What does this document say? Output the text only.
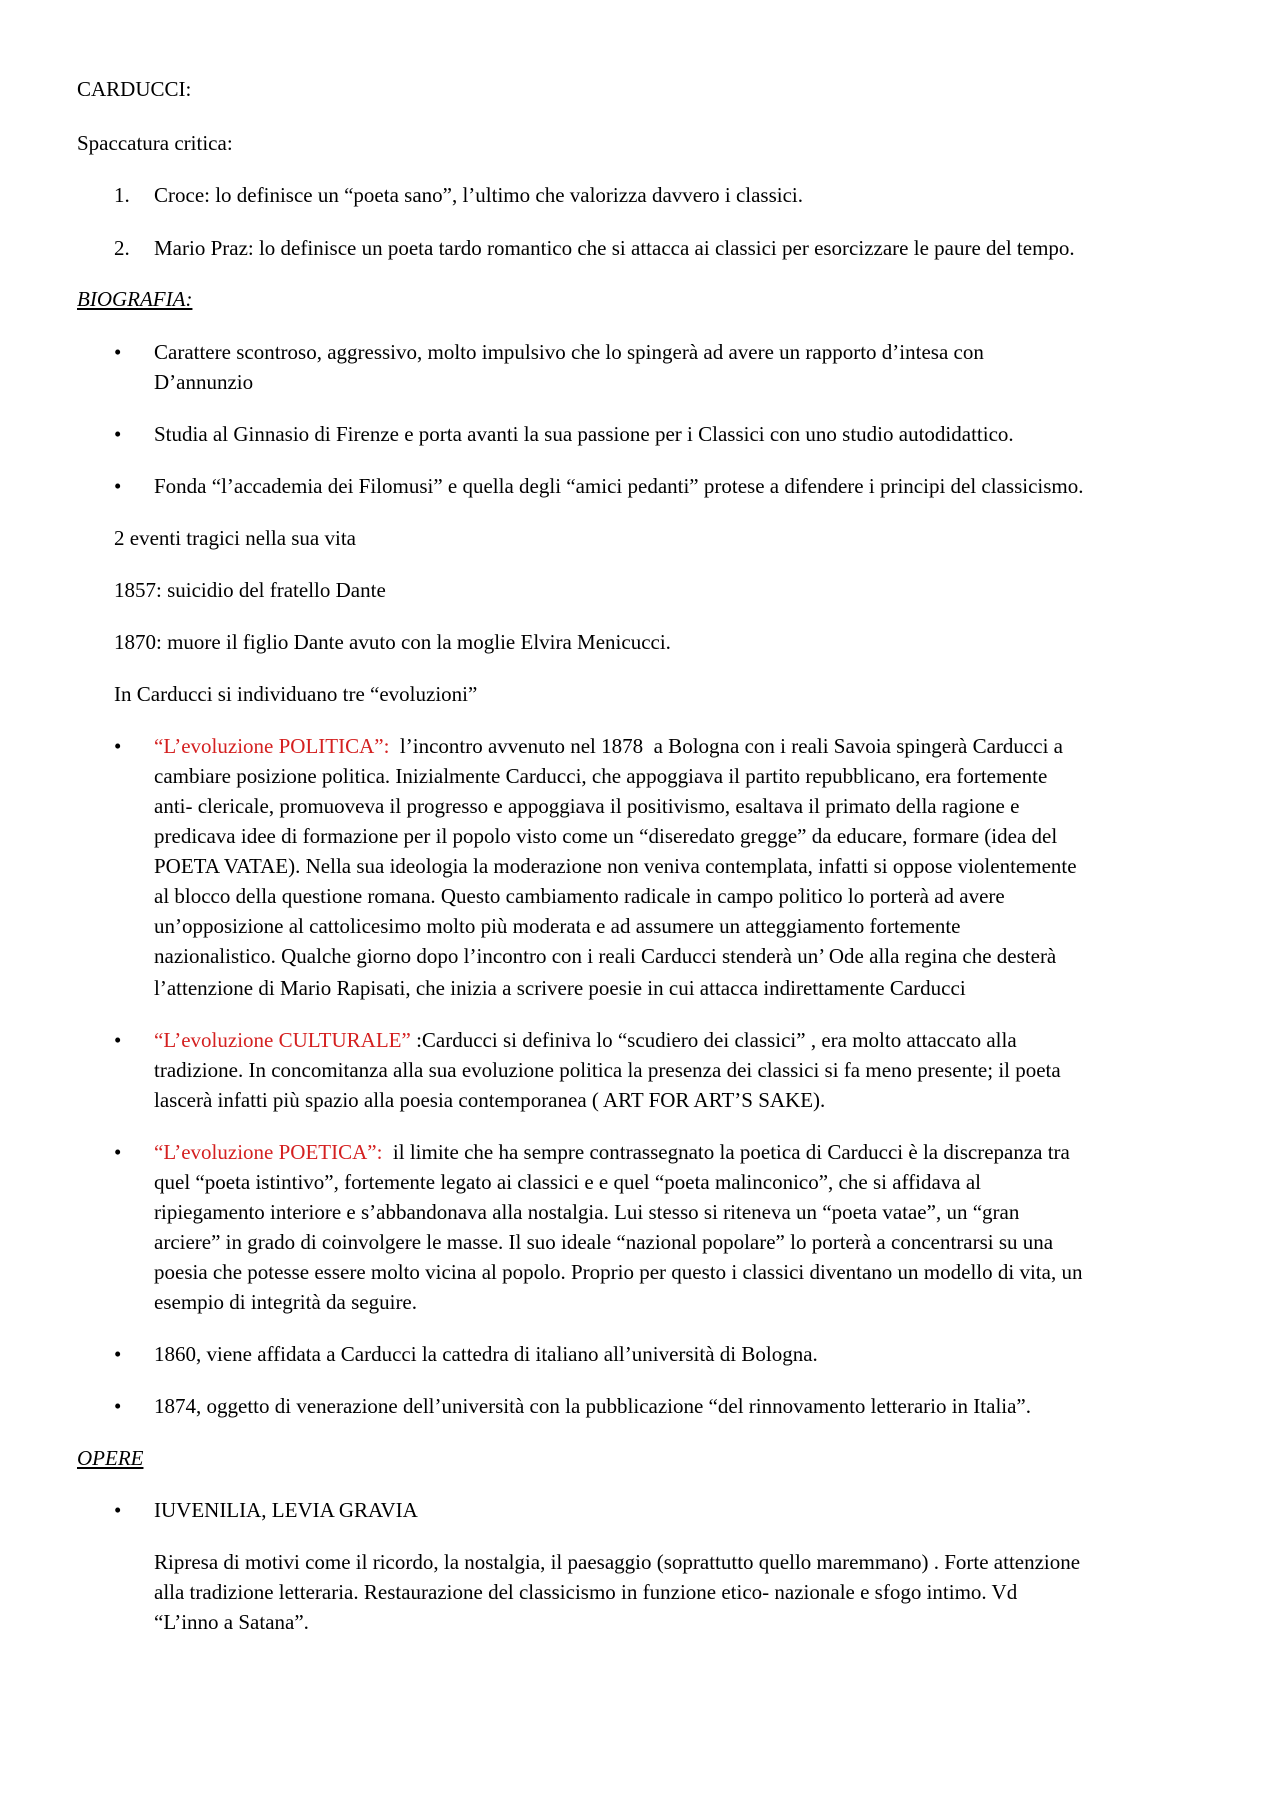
CARDUCCI:
Spaccatura critica:
1. Croce: lo definisce un “poeta sano”, l’ultimo che valorizza davvero i classici.
2. Mario Praz: lo definisce un poeta tardo romantico che si attacca ai classici per esorcizzare le paure del tempo.
BIOGRAFIA:
• Carattere scontroso, aggressivo, molto impulsivo che lo spingerà ad avere un rapporto d’intesa con
D’annunzio
• Studia al Ginnasio di Firenze e porta avanti la sua passione per i Classici con uno studio autodidattico.
• Fonda “l’accademia dei Filomusi” e quella degli “amici pedanti” protese a difendere i principi del classicismo.
2 eventi tragici nella sua vita
1857: suicidio del fratello Dante
1870: muore il figlio Dante avuto con la moglie Elvira Menicucci.
In Carducci si individuano tre “evoluzioni”
• “L’evoluzione POLITICA”:  l’incontro avvenuto nel 1878  a Bologna con i reali Savoia spingerà Carducci a
cambiare posizione politica. Inizialmente Carducci, che appoggiava il partito repubblicano, era fortemente
anti- clericale, promuoveva il progresso e appoggiava il positivismo, esaltava il primato della ragione e
predicava idee di formazione per il popolo visto come un “diseredato gregge” da educare, formare (idea del
POETA VATAE). Nella sua ideologia la moderazione non veniva contemplata, infatti si oppose violentemente
al blocco della questione romana. Questo cambiamento radicale in campo politico lo porterà ad avere
un’opposizione al cattolicesimo molto più moderata e ad assumere un atteggiamento fortemente
nazionalistico. Qualche giorno dopo l’incontro con i reali Carducci stenderà un’ Ode alla regina che desterà
l’attenzione di Mario Rapisati, che inizia a scrivere poesie in cui attacca indirettamente Carducci
• “L’evoluzione CULTURALE” :Carducci si definiva lo “scudiero dei classici” , era molto attaccato alla
tradizione. In concomitanza alla sua evoluzione politica la presenza dei classici si fa meno presente; il poeta
lascerà infatti più spazio alla poesia contemporanea ( ART FOR ART’S SAKE).
• “L’evoluzione POETICA”:  il limite che ha sempre contrassegnato la poetica di Carducci è la discrepanza tra
quel “poeta istintivo”, fortemente legato ai classici e e quel “poeta malinconico”, che si affidava al
ripiegamento interiore e s’abbandonava alla nostalgia. Lui stesso si riteneva un “poeta vatae”, un “gran
arciere” in grado di coinvolgere le masse. Il suo ideale “nazional popolare” lo porterà a concentrarsi su una
poesia che potesse essere molto vicina al popolo. Proprio per questo i classici diventano un modello di vita, un
esempio di integrità da seguire.
• 1860, viene affidata a Carducci la cattedra di italiano all’università di Bologna.
• 1874, oggetto di venerazione dell’università con la pubblicazione “del rinnovamento letterario in Italia”.
OPERE
• IUVENILIA, LEVIA GRAVIA
Ripresa di motivi come il ricordo, la nostalgia, il paesaggio (soprattutto quello maremmano) . Forte attenzione
alla tradizione letteraria. Restaurazione del classicismo in funzione etico- nazionale e sfogo intimo. Vd
“L’inno a Satana”.
